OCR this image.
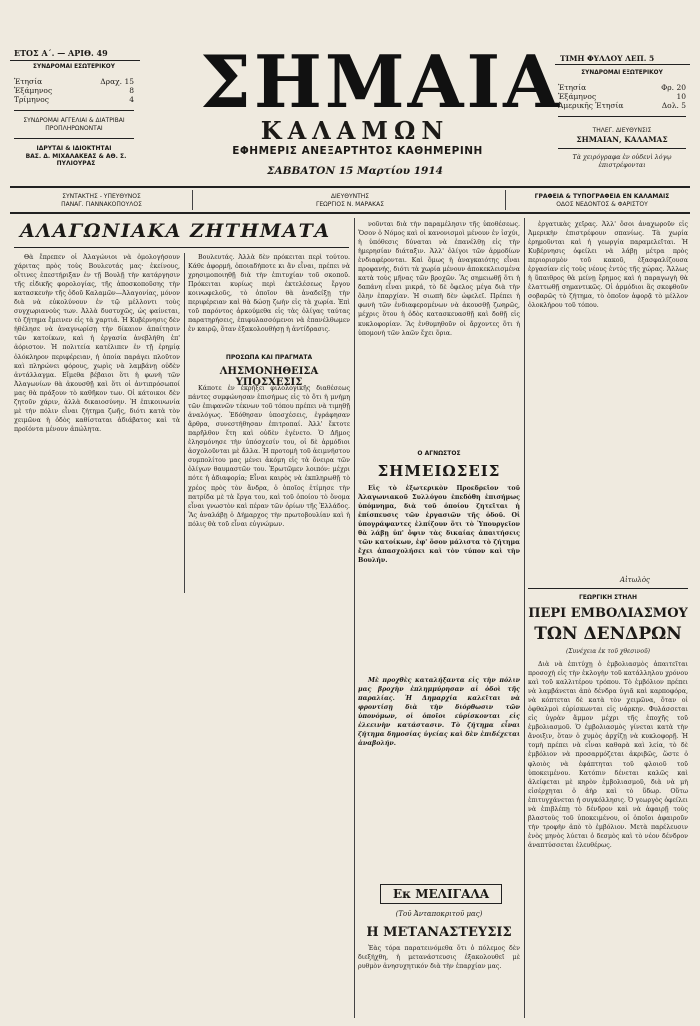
ΕΤΟΣ Α΄. — ΑΡΙΘ. 49
ΤΙΜΗ ΦΥΛΛΟΥ ΛΕΠ. 5
ΣΗΜΑΙΑ
ΚΑΛΑΜΩΝ
ΕΦΗΜΕΡΙΣ ΑΝΕΞΑΡΤΗΤΟΣ ΚΑΘΗΜΕΡΙΝΗ
ΣΑΒΒΑΤΟΝ 15 Μαρτίου 1914
ΣΥΝΔΡΟΜΑΙ ΕΣΩΤΕΡΙΚΟΥ
Ἐτησία	Δραχ. 15
Ἑξάμηνος	8
Τρίμηνος	4
ΣΥΝΔΡΟΜΑΙ ΑΓΓΕΛΙΑΙ & ΔΙΑΤΡΙΒΑΙ ΠΡΟΠΛΗΡΩΝΟΝΤΑΙ
ΙΔΡΥΤΑΙ & ΙΔΙΟΚΤΗΤΑΙ
ΒΑΣ. Δ. ΜΙΧΑΛΑΚΕΑΣ & ΑΘ. Σ. ΠΥΛΙΟΥΡΑΣ
ΣΥΝΔΡΟΜΑΙ ΕΞΩΤΕΡΙΚΟΥ
Ἐτησία	Φρ. 20
Ἑξάμηνος	10
Ἀμερικῆς Ἐτησία	Δολ. 5
ΤΗΛΕΓ. ΔΙΕΥΘΥΝΣΙΣ
ΣΗΜΑΙΑΝ, ΚΑΛΑΜΑΣ
Τὰ χειρόγραφα ἐν οὐδενὶ λόγῳ ἐπιστρέφονται
ΣΥΝΤΑΚΤΗΣ - ΥΠΕΥΘΥΝΟΣ
ΠΑΝΑΓ. ΓΙΑΝΝΑΚΟΠΟΥΛΟΣ
ΔΙΕΥΘΥΝΤΗΣ
ΓΕΩΡΓΙΟΣ Ν. ΜΑΡΑΚΑΣ
ΓΡΑΦΕΙΑ & ΤΥΠΟΓΡΑΦΕΙΑ ΕΝ ΚΑΛΑΜΑΙΣ
ΟΔΟΣ ΝΕΔΟΝΤΟΣ & ΦΑΡΙΣΤΟΥ
ΑΛΑΓΩΝΙΑΚΑ ΖΗΤΗΜΑΤΑ

Θὰ ἔπρεπεν οἱ Ἀλαγώνιοι νὰ ὁμολογήσουν χάριτας πρὸς τοὺς Βουλευτάς μας· ἐκείνους, οἵτινες ἐπεστήριξαν ἐν τῇ Βουλῇ τὴν κατάργησιν τῆς εἰδικῆς φορολογίας, τῆς ἀποσκοποῦσης τὴν κατασκευὴν τῆς ὁδοῦ Καλαμῶν—Ἀλαγονίας, μόνον διὰ νὰ εὐκολύνουν ἐν τῷ μέλλοντι τοὺς συγχωριανοὺς των. Ἀλλὰ δυστυχῶς, ὡς φαίνεται, τὸ ζήτημα ἔμεινεν εἰς τὰ χαρτιά. Ἡ Κυβέρνησις δὲν ἠθέλησε νὰ ἀναγνωρίσῃ τὴν δίκαιον ἀπαίτησιν τῶν κατοίκων, καὶ ἡ ἐργασία ἀνεβλήθη ἐπ' ἀόριστον. Ἡ πολιτεία κατέλιπεν ἐν τῇ ἐρημίᾳ ὁλόκληρον περιφέρειαν, ἡ ὁποία παράγει πλοῦτον καὶ πληρώνει φόρους, χωρὶς νὰ λαμβάνῃ οὐδὲν ἀντάλλαγμα. Εἴμεθα βέβαιοι ὅτι ἡ φωνὴ τῶν Ἀλαγωνίων θὰ ἀκουσθῇ καὶ ὅτι οἱ ἀντιπρόσωποί μας θὰ πράξουν τὸ καθῆκον των. Οἱ κάτοικοι δὲν ζητοῦν χάριν, ἀλλὰ δικαιοσύνην. Ἡ ἐπικοινωνία μὲ τὴν πόλιν εἶναι ζήτημα ζωῆς, διότι κατὰ τὸν χειμῶνα ἡ ὁδὸς καθίσταται ἀδιάβατος καὶ τὰ προϊόντα μένουν ἀπώλητα.

Βουλευτάς. Ἀλλὰ δὲν πρόκειται περὶ τούτου. Κάθε ἀφορμή, ὁποιαδήποτε κι ἂν εἶναι, πρέπει νὰ χρησιμοποιηθῇ διὰ τὴν ἐπιτυχίαν τοῦ σκοποῦ. Πρόκειται κυρίως περὶ ἐκτελέσεως ἔργου κοινωφελοῦς, τὸ ὁποῖον θὰ ἀναδείξῃ τὴν περιφέρειαν καὶ θὰ δώσῃ ζωὴν εἰς τὰ χωρία. Ἐπὶ τοῦ παρόντος ἀρκούμεθα εἰς τὰς ὀλίγας ταύτας παρατηρήσεις, ἐπιφυλασσόμενοι νὰ ἐπανέλθωμεν ἐν καιρῷ, ὅταν ἐξακολουθήσῃ ἡ ἀντίδρασις.

ΠΡΟΣΩΠΑ ΚΑΙ ΠΡΑΓΜΑΤΑ
ΛΗΣΜΟΝΗΘΕΙΣΑ ΥΠΟΣΧΕΣΙΣ

Κάποτε ἐν ἐκρήξει φιλολογικῆς διαθέσεως πάντες συμφώνησαν ἐπισήμως εἰς τὸ ὅτι ἡ μνήμη τῶν ἐπιφανῶν τέκνων τοῦ τόπου πρέπει νὰ τιμηθῇ ἀναλόγως. Ἐδόθησαν ὑποσχέσεις, ἐγράφησαν ἄρθρα, συνεστήθησαν ἐπιτροπαί. Ἀλλ' ἔκτοτε παρῆλθον ἔτη καὶ οὐδὲν ἐγένετο. Ὁ Δῆμος ἐλησμόνησε τὴν ὑπόσχεσίν του, οἱ δὲ ἁρμόδιοι ἀσχολοῦνται μὲ ἄλλα. Ἡ προτομὴ τοῦ ἀειμνήστου συμπολίτου μας μένει ἀκόμη εἰς τὰ ὄνειρα τῶν ὀλίγων θαυμαστῶν του. Ἐρωτῶμεν λοιπόν: μέχρι πότε ἡ ἀδιαφορία; Εἶναι καιρὸς νὰ ἐκπληρωθῇ τὸ χρέος πρὸς τὸν ἄνδρα, ὁ ὁποῖος ἐτίμησε τὴν πατρίδα μὲ τὰ ἔργα του, καὶ τοῦ ὁποίου τὸ ὄνομα εἶναι γνωστὸν καὶ πέραν τῶν ὁρίων τῆς Ἑλλάδος. Ἂς ἀναλάβῃ ὁ Δήμαρχος τὴν πρωτοβουλίαν καὶ ἡ πόλις θὰ τοῦ εἶναι εὐγνώμων.

νοῦνται διὰ τὴν παραμέλησιν τῆς ὑποθέσεως. Ὅσον ὁ Νόμος καὶ οἱ κανονισμοὶ μένουν ἐν ἰσχύι, ἡ ὑπόθεσις δύναται νὰ ἐπανέλθῃ εἰς τὴν ἡμερησίαν διάταξιν. Ἀλλ' ὀλίγοι τῶν ἀρμοδίων ἐνδιαφέρονται. Καὶ ὅμως ἡ ἀναγκαιότης εἶναι προφανής, διότι τὰ χωρία μένουν ἀποκεκλεισμένα κατὰ τοὺς μῆνας τῶν βροχῶν. Ἂς σημειωθῇ ὅτι ἡ δαπάνη εἶναι μικρά, τὸ δὲ ὄφελος μέγα διὰ τὴν ὅλην ἐπαρχίαν. Ἡ σιωπὴ δὲν ὠφελεῖ. Πρέπει ἡ φωνὴ τῶν ἐνδιαφερομένων νὰ ἀκουσθῇ ζωηρῶς, μέχρις ὅτου ἡ ὁδὸς κατασκευασθῇ καὶ δοθῇ εἰς κυκλοφορίαν. Ἂς ἐνθυμηθοῦν οἱ ἄρχοντες ὅτι ἡ ὑπομονὴ τῶν λαῶν ἔχει ὅρια.

Ο ΑΓΝΩΣΤΟΣ
ΣΗΜΕΙΩΣΕΙΣ

Εἰς τὸ ἐξωτερικὸν Προεδρεῖον τοῦ Ἀλαγωνιακοῦ Συλλόγου ἐπεδόθη ἐπισήμως ὑπόμνημα, διὰ τοῦ ὁποίου ζητεῖται ἡ ἐπίσπευσις τῶν ἐργασιῶν τῆς ὁδοῦ. Οἱ ὑπογράψαντες ἐλπίζουν ὅτι τὸ Ὑπουργεῖον θὰ λάβῃ ὑπ' ὄψιν τὰς δικαίας ἀπαιτήσεις τῶν κατοίκων, ἐφ' ὅσον μάλιστα τὸ ζήτημα ἔχει ἀπασχολήσει καὶ τὸν τύπον καὶ τὴν Βουλήν.

Μὲ προχθὲς καταλήξαντα εἰς τὴν πόλιν μας βροχὴν ἐπλημμύρησαν αἱ ὁδοὶ τῆς παραλίας. Ἡ Δημαρχία καλεῖται νὰ φροντίσῃ διὰ τὴν διόρθωσιν τῶν ὑπονόμων, οἱ ὁποῖοι εὑρίσκονται εἰς ἐλεεινὴν κατάστασιν. Τὸ ζήτημα εἶναι ζήτημα δημοσίας ὑγείας καὶ δὲν ἐπιδέχεται ἀναβολήν.

Εκ ΜΕΛΙΓΑΛΑ
(Τοῦ Ἀνταποκριτοῦ μας)
Η ΜΕΤΑΝΑΣΤΕΥΣΙΣ

Ἐὰς τόρα παρατεινόμεθα ὅτι ὁ πόλεμος δὲν διεξήχθη, ἡ μετανάστευσις ἐξακολουθεῖ μὲ ρυθμὸν ἀνησυχητικόν διὰ τὴν ἐπαρχίαν μας.

ἐργατικὰς χεῖρας. Ἀλλ' ὅσοι ἀναχωροῦν εἰς Ἀμερικὴν ἐπιστρέφουν σπανίως. Τὰ χωρία ἐρημοῦνται καὶ ἡ γεωργία παραμελεῖται. Ἡ Κυβέρνησις ὀφείλει νὰ λάβῃ μέτρα πρὸς περιορισμὸν τοῦ κακοῦ, ἐξασφαλίζουσα ἐργασίαν εἰς τοὺς νέους ἐντὸς τῆς χώρας. Ἄλλως ἡ ὕπαιθρος θὰ μείνῃ ἔρημος καὶ ἡ παραγωγὴ θὰ ἐλαττωθῇ σημαντικῶς. Οἱ ἀρμόδιοι ἂς σκεφθοῦν σοβαρῶς τὸ ζήτημα, τὸ ὁποῖον ἀφορᾷ τὸ μέλλον ὁλοκλήρου τοῦ τόπου.

Αἰτωλὸς
ΓΕΩΡΓΙΚΗ ΣΤΗΛΗ
ΠΕΡΙ ΕΜΒΟΛΙΑΣΜΟΥ
ΤΩΝ ΔΕΝΔΡΩΝ
(Συνέχεια ἐκ τοῦ χθεσινοῦ)

Διὰ νὰ ἐπιτύχῃ ὁ ἐμβολιασμὸς ἀπαιτεῖται προσοχὴ εἰς τὴν ἐκλογὴν τοῦ κατάλληλου χρόνου καὶ τοῦ καλλιτέρου τρόπου. Τὸ ἐμβόλιον πρέπει νὰ λαμβάνεται ἀπὸ δένδρα ὑγιᾶ καὶ καρποφόρα, νὰ κόπτεται δὲ κατὰ τὸν χειμῶνα, ὅταν οἱ ὀφθαλμοὶ εὑρίσκωνται εἰς νάρκην. Φυλάσσεται εἰς ὑγρὰν ἄμμον μέχρι τῆς ἐποχῆς τοῦ ἐμβολιασμοῦ. Ὁ ἐμβολιασμὸς γίνεται κατὰ τὴν ἄνοιξιν, ὅταν ὁ χυμὸς ἀρχίζῃ νὰ κυκλοφορῇ. Ἡ τομὴ πρέπει νὰ εἶναι καθαρὰ καὶ λεία, τὸ δὲ ἐμβόλιον νὰ προσαρμόζεται ἀκριβῶς, ὥστε ὁ φλοιὸς νὰ ἐφάπτηται τοῦ φλοιοῦ τοῦ ὑποκειμένου. Κατόπιν δένεται καλῶς καὶ ἀλείφεται μὲ κηρὸν ἐμβολιασμοῦ, διὰ νὰ μὴ εἰσέρχηται ὁ ἀὴρ καὶ τὸ ὕδωρ. Οὕτω ἐπιτυγχάνεται ἡ συγκόλλησις. Ὁ γεωργὸς ὀφείλει νὰ ἐπιβλέπῃ τὸ δένδρον καὶ νὰ ἀφαιρῇ τοὺς βλαστοὺς τοῦ ὑποκειμένου, οἱ ὁποῖοι ἀφαιροῦν τὴν τροφὴν ἀπὸ τὸ ἐμβόλιον. Μετὰ παρέλευσιν ἑνὸς μηνὸς λύεται ὁ δεσμὸς καὶ τὸ νέον δένδρον ἀναπτύσσεται ἐλευθέρως.
